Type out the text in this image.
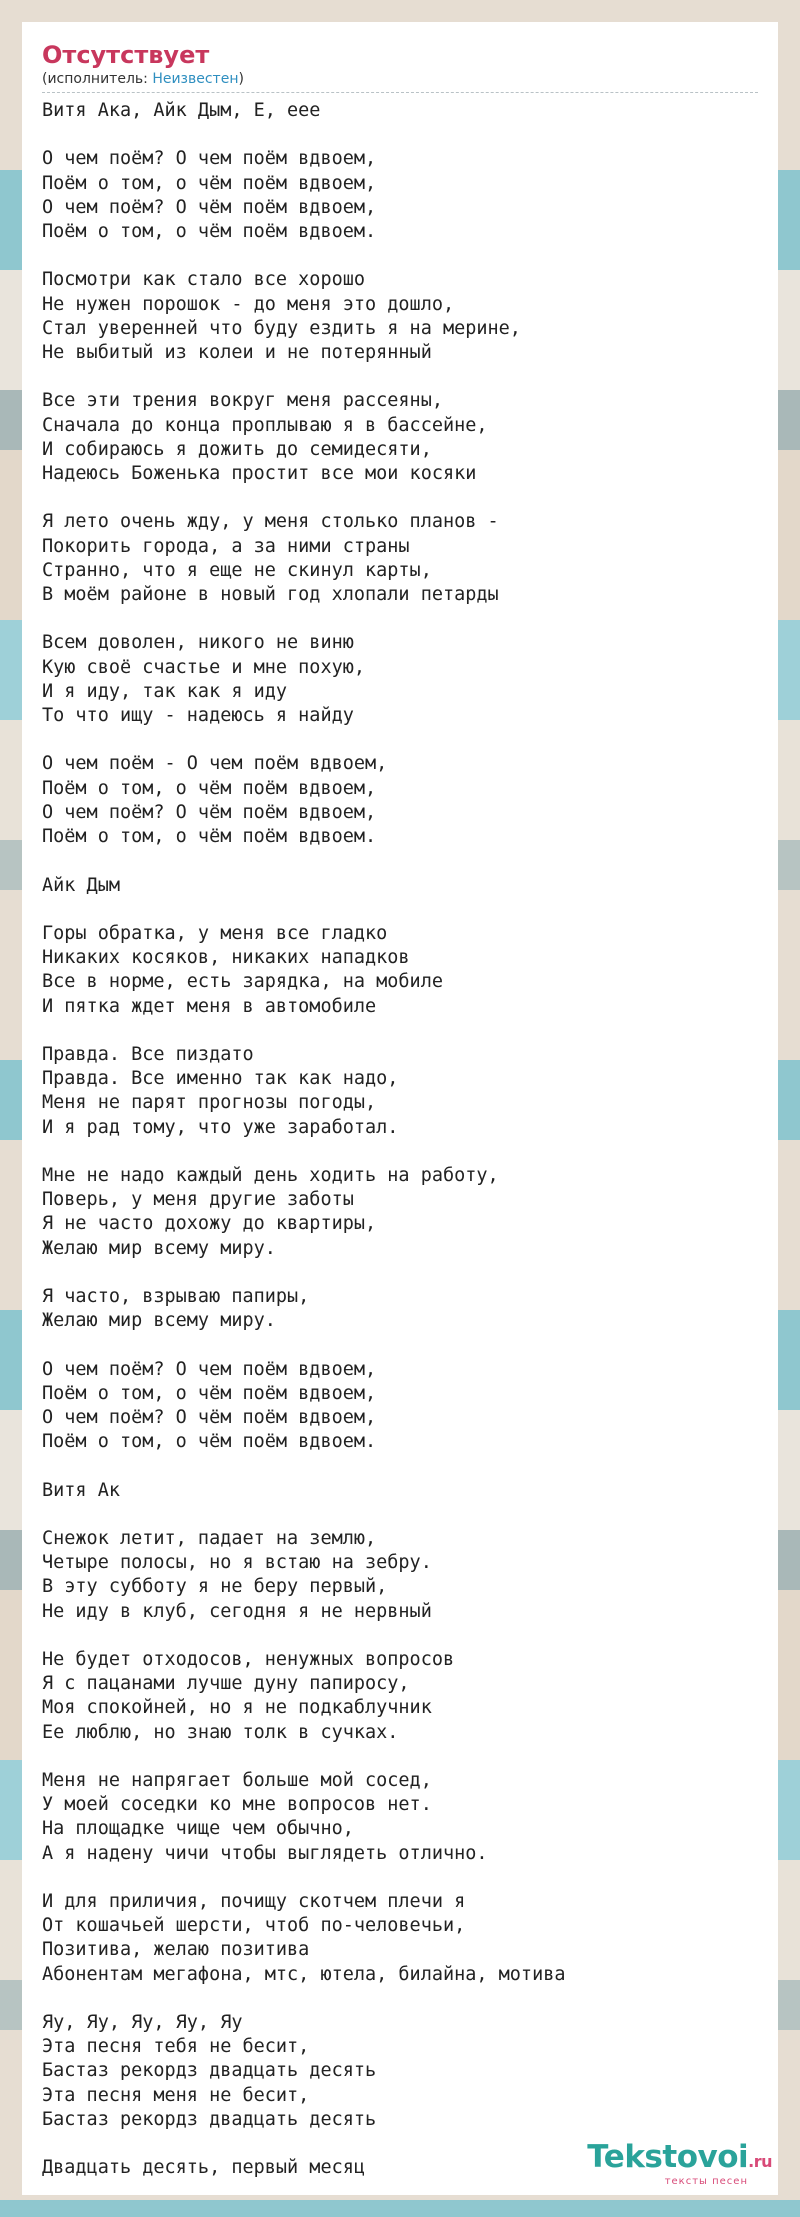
Отсутствует
(исполнитель: Неизвестен)
Витя Ака, Айк Дым, Е, еее

О чем поём? О чем поём вдвоем,
Поём о том, о чём поём вдвоем,
О чем поём? О чём поём вдвоем,
Поём о том, о чём поём вдвоем.

Посмотри как стало все хорошо
Не нужен порошок - до меня это дошло,
Стал уверенней что буду ездить я на мерине,
Не выбитый из колеи и не потерянный

Все эти трения вокруг меня рассеяны,
Сначала до конца проплываю я в бассейне,
И собираюсь я дожить до семидесяти,
Надеюсь Боженька простит все мои косяки

Я лето очень жду, у меня столько планов -
Покорить города, а за ними страны
Странно, что я еще не скинул карты,
В моём районе в новый год хлопали петарды

Всем доволен, никого не виню
Кую своё счастье и мне похую,
И я иду, так как я иду
То что ищу - надеюсь я найду

О чем поём - О чем поём вдвоем,
Поём о том, о чём поём вдвоем,
О чем поём? О чём поём вдвоем,
Поём о том, о чём поём вдвоем.

Айк Дым

Горы обратка, у меня все гладко
Никаких косяков, никаких нападков
Все в норме, есть зарядка, на мобиле
И пятка ждет меня в автомобиле

Правда. Все пиздато
Правда. Все именно так как надо,
Меня не парят прогнозы погоды,
И я рад тому, что уже заработал.

Мне не надо каждый день ходить на работу,
Поверь, у меня другие заботы
Я не часто дохожу до квартиры,
Желаю мир всему миру.

Я часто, взрываю папиры,
Желаю мир всему миру.

О чем поём? О чем поём вдвоем,
Поём о том, о чём поём вдвоем,
О чем поём? О чём поём вдвоем,
Поём о том, о чём поём вдвоем.

Витя Ак

Снежок летит, падает на землю,
Четыре полосы, но я встаю на зебру.
В эту субботу я не беру первый,
Не иду в клуб, сегодня я не нервный

Не будет отходосов, ненужных вопросов
Я с пацанами лучше дуну папиросу,
Моя спокойней, но я не подкаблучник
Ее люблю, но знаю толк в сучках.

Меня не напрягает больше мой сосед,
У моей соседки ко мне вопросов нет.
На площадке чище чем обычно,
А я надену чичи чтобы выглядеть отлично.

И для приличия, почищу скотчем плечи я
От кошачьей шерсти, чтоб по-человечьи,
Позитива, желаю позитива
Абонентам мегафона, мтс, ютела, билайна, мотива

Яу, Яу, Яу, Яу, Яу
Эта песня тебя не бесит,
Бастаз рекордз двадцать десять
Эта песня меня не бесит,
Бастаз рекордз двадцать десять

Двадцать десять, первый месяц	Tekstovoi.ru
тексты песен
